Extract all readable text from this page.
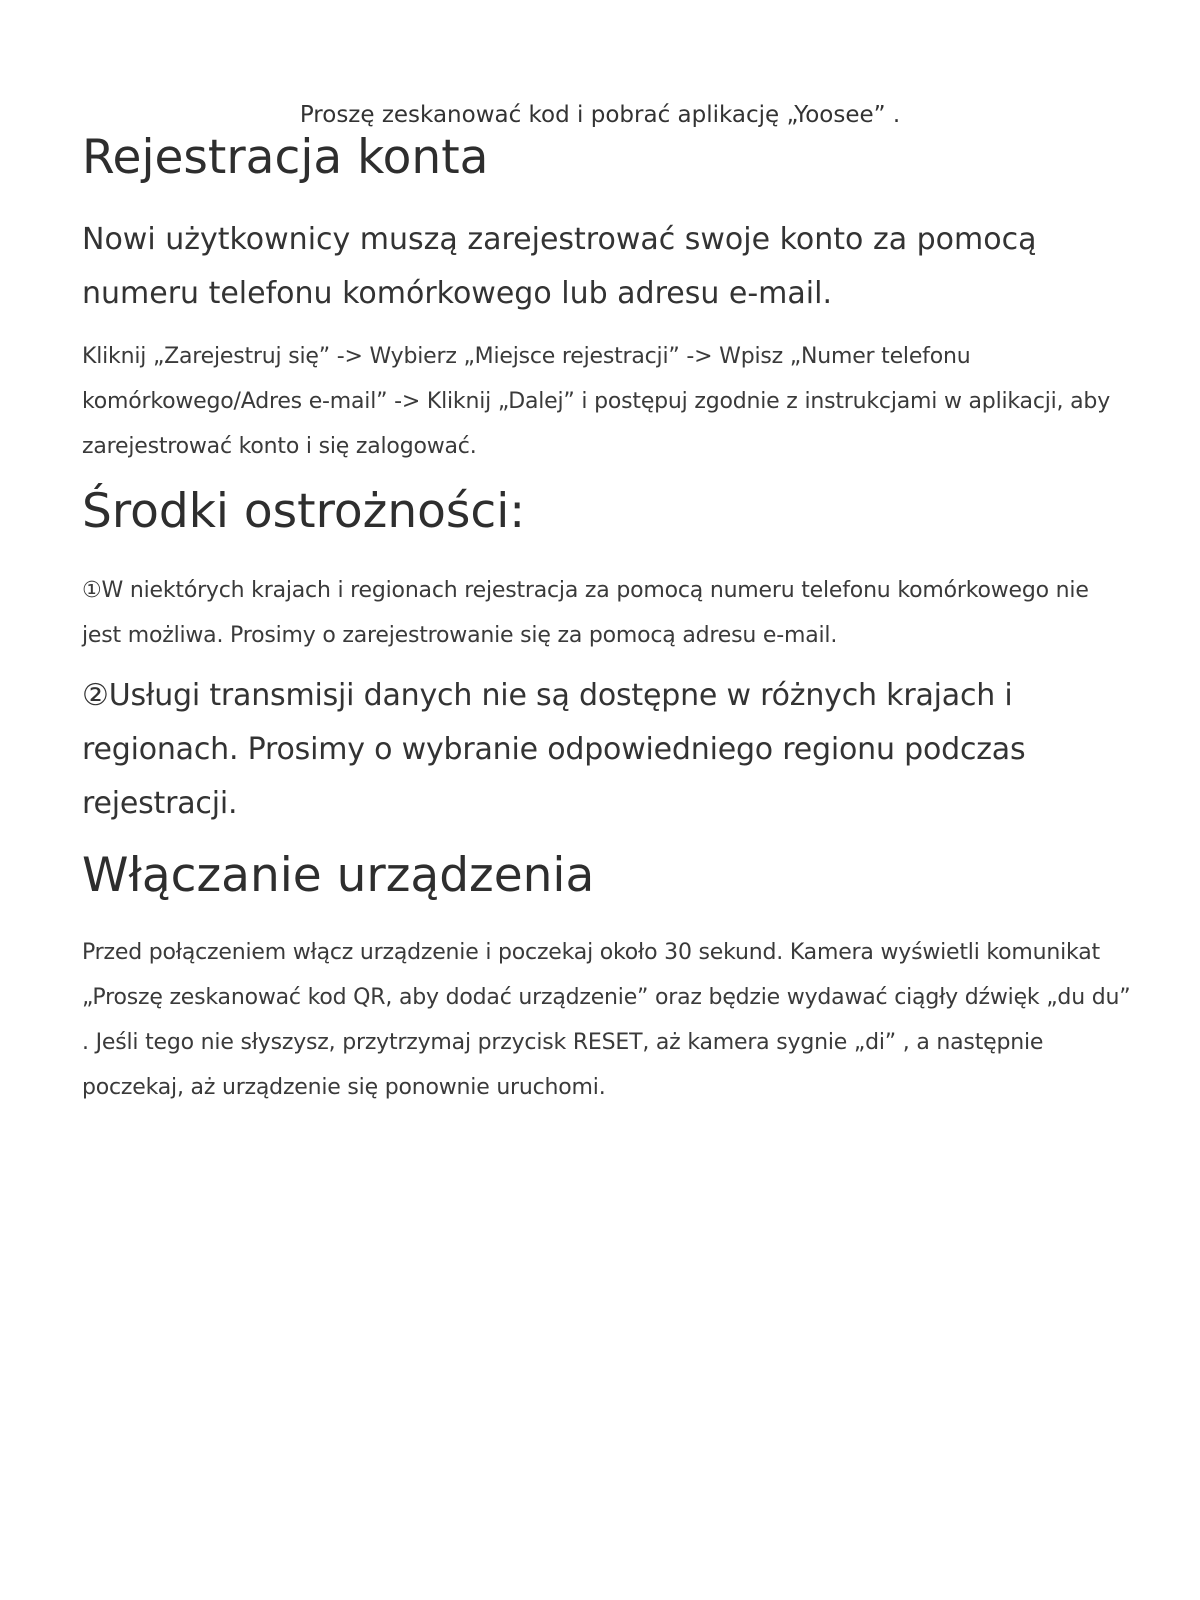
Proszę zeskanować kod i pobrać aplikację „Yoosee” .

Rejestracja konta

Nowi użytkownicy muszą zarejestrować swoje konto za pomocą numeru telefonu komórkowego lub adresu e-mail.

Kliknij „Zarejestruj się” -> Wybierz „Miejsce rejestracji” -> Wpisz „Numer telefonu komórkowego/Adres e-mail” -> Kliknij „Dalej” i postępuj zgodnie z instrukcjami w aplikacji, aby zarejestrować konto i się zalogować.

Środki ostrożności:

①W niektórych krajach i regionach rejestracja za pomocą numeru telefonu komórkowego nie jest możliwa. Prosimy o zarejestrowanie się za pomocą adresu e-mail.

②Usługi transmisji danych nie są dostępne w różnych krajach i regionach. Prosimy o wybranie odpowiedniego regionu podczas rejestracji.

Włączanie urządzenia

Przed połączeniem włącz urządzenie i poczekaj około 30 sekund. Kamera wyświetli komunikat „Proszę zeskanować kod QR, aby dodać urządzenie” oraz będzie wydawać ciągły dźwięk „du du” . Jeśli tego nie słyszysz, przytrzymaj przycisk RESET, aż kamera sygnie „di” , a następnie poczekaj, aż urządzenie się ponownie uruchomi.
